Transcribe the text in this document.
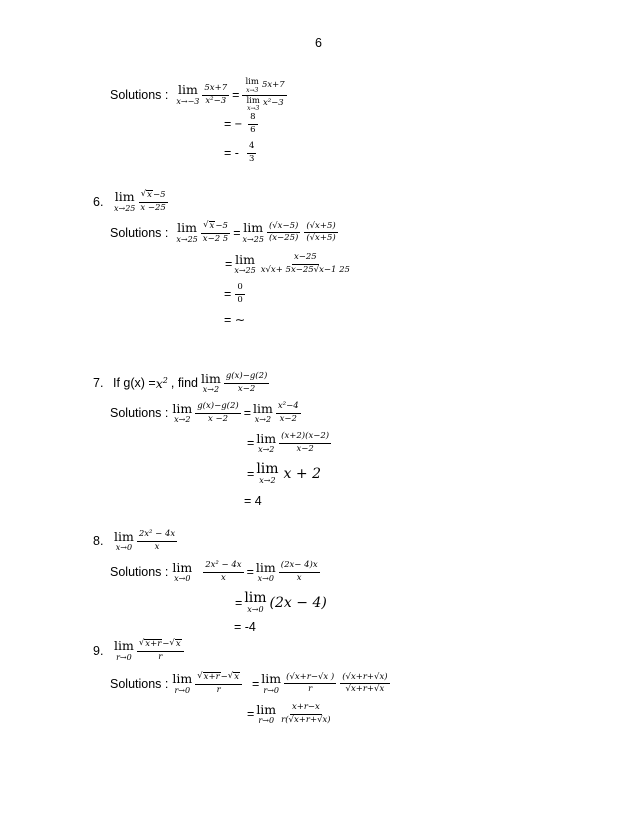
6
Solutions : lim
$x\to-3 \frac{5x+7}{\text{x²−3}} = \lim$
x→3
5x+7
lim
x→3
x²−3
= − $\frac{8}{6}$
= - $\frac{4}{3}$
6. lim
$x\to 25 \frac{√ x -5}{x -25}$
Solutions : lim
$x\to 25 \frac{√ x -5}{x-2 5} = \lim$
$x\to 25 \frac{(√x-5)}{(x-25)} \frac{(√x+5)}{(√x+5)}$
= lim
$x\to 25 \frac{x-25}{x√x+ 5x-25√x-1 25}$
= $\frac{0}{0}$
= ∼
7. If $g(x) = x^2$ , find lim
$x\to 2 \frac{g(x)-g(2)}{x-2}$
Solutions : lim
$x\to 2 \frac{g(x)-g(2)}{x -2} = \lim$
$x\to 2 \frac{\text{x²−4}}{x-2}$
= lim
$x\to 2 \frac{(x+2)(x-2)}{x-2}$
= lim
x→2 x + 2
= 4
8. lim
$x\to 0 \frac{\text{2x² − 4x}}{x}$
Solutions : lim
$x\to 0 \frac{\text{2x² − 4x}}{x} = \lim$
$x\to 0 \frac{(2x- 4)x}{x}$
= lim
x→0 (2x − 4)
= -4
9. lim
$r\to 0 \frac{√ x+r - √ x}{r}$
Solutions : lim
$r\to 0 \frac{√ x+r - √ x}{r} = \lim$
$r\to 0 \frac{(√x+r-√x )}{r} \frac{(√x+r+√x)}{√x+r+√x}$
= lim
$r\to 0 \frac{x+r-x}{r(√x+r+√x)}$
